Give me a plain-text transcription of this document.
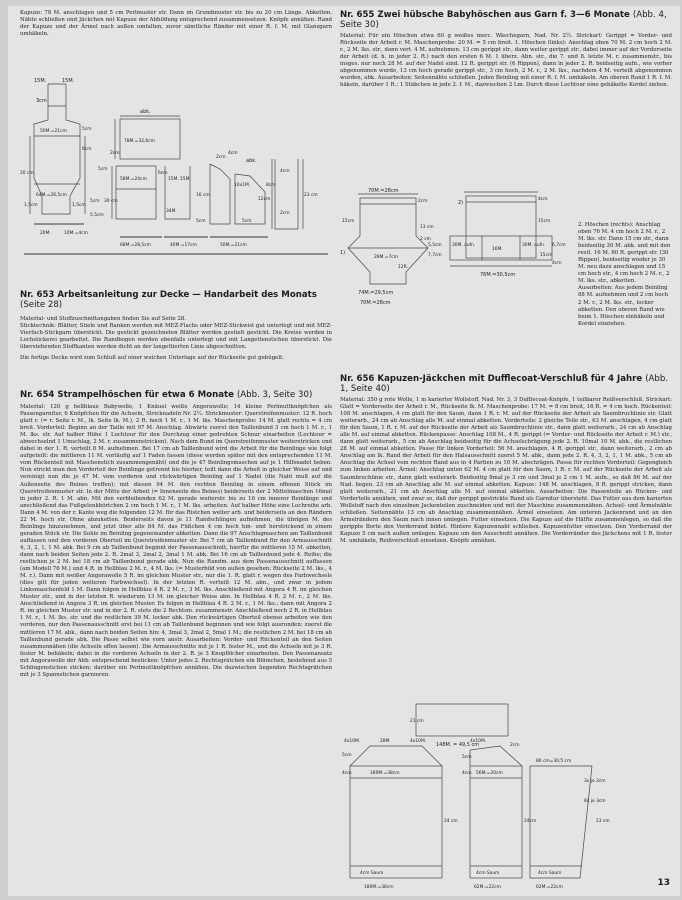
Kapuze: 78 M. anschlagen und 5 cm Perlmuster str. Dann im Grundmuster str. bis zu 20 cm Länge. Abketten. Nähte schließen und Jäckchen mit Kapuze der Abbildung entsprechend zusammensetzen. Knöpfe annähen. Rand der Kapuze und der Ärmel nach außen umfalten, zuvor sämtliche Ränder mit einer R. f. M. mit Glanzgarn umhäkeln.

15M.	15M.
3cm
50M.=21cm	5cm
6cm
abk.
78M.=32,6cm
2cm
5cm
58M.=24cm
6cm
34M.
15M. 15M.
5,5cm
5cm
64M.=26,5cm
20M.	10M.=4cm
20 cm
30 cm
16 cm
2cm
4cm
abk.
10x1M.	8cm
12cm
23 cm
5cm	5cm
68M.=28,5cm	40M.=17cm	50M.=21cm
1,5cm	1,5cm
4cm
2cm

Nr. 653 Arbeitsanleitung zur Decke — Handarbeit des Monats (Seite 28)

Material- und Stoffzuschnittangaben finden Sie auf Seite 28.

Sticktechnik: Blätter, Stiele und Ranken werden mit MEZ-Flachs oder MEZ-Stickwist gut unterlegt und mit MEZ-Vierfach-Stickgarn überstickt. Die gestickt gezeichneten Blätter werden gestielt gestickt. Die Kreise werden in Lochstickerei gearbeitet. Die Randbogen werden ebenfalls unterlegt und mit Langettenstichen überstickt. Die überstehenden Stoffkanten werden dicht an der langettierten Linie abgeschnitten.

Die fertige Decke wird zum Schluß auf einer weichen Unterlage auf der Rückseite gut gebügelt.

Nr. 654 Strampelhöschen für etwa 6 Monate (Abb. 3, Seite 30)

Material: 120 g hellblaue Babywolle, 1 Knäuel weiße Angorawolle; 14 kleine Perlmuttknöpfchen als Passengarnitur, 6 Knöpfchen für die Achseln, Stricknadeln Nr. 2½. Strickmuster: Querstreifenmuster: 12 R. hoch glatt r. (= r. Seite r. M., lk. Seite lk. M.), 2 R. hoch 1 M. r., 1 M. lks. Maschenprobe: 14 M. glatt rechts = 4 cm breit. Vorderteil: Beginn an der Taille mit 97 M. Anschlag. Abwärts zuerst den Taillenbund 3 cm hoch 1 M. r., 1 M. lks. str. Auf halber Höhe 1 Lochtour für den Durchzug einer gedrehten Schnur einarbeiten (Lochtour = abwechselnd 1 Umschlag, 2 M. r. zusammenstricken). Nach dem Bund im Querstreifenmuster weiterstricken und dabei in der 1. R. verteilt 8 M. aufnehmen. Bei 17 cm ab Taillenbund wird die Arbeit für die Beinlinge wie folgt aufgeteilt: die mittleren 11 M. vorläufig auf 1 Faden fassen (diese werden später mit den entsprechenden 11 M. vom Rückenteil mit Maschenstich zusammengenäht) und die je 47 Beinlingsmaschen auf je 1 Hilfsnadel heben. Nun strickt man den Vorderteil der Beinlinge getrennt bis hierher, teilt dann die Arbeit in gleicher Weise auf und vereinigt nun die je 47 M. vom vorderen und rückwärtigen Beinling auf 1 Nadel (die Naht muß auf die Außenseite des Beines treffen); mit diesen 94 M. den rechten Beinling in einem offenen Stück im Querstreifenmuster str. In der Mitte der Arbeit (= Innenseite des Beines) beiderseits der 2 Mittelmaschen 16mal in jeder 2. R. 1 M. abn. Mit den verbleibenden 62 M. gerade weiterstr. bis zu 16 cm innerer Beinlänge und anschließend das Fußgelenkbörtchen 2 cm hoch 1 M. r., 1 M. lks. arbeiten. Auf halber Höhe eine Lochreihe arb. Dann 4 M. von der r. Kante weg die folgenden 12 M. für das Ristchen weiter arb. und beiderseits an den Rändern 22 M. hoch str. Ohne abzuketten. Beiderseits davon je 11 Randschlingen aufnehmen, die übrigen M. des Beinlings hinzunehmen, und jetzt über alle 84 M. das Füßchen 4 cm hoch hin- und herstrickend in einem geraden Stück str. Die Sohle im Beinling gegeneinander abketten. Dann die 97 Anschlagmaschen am Taillenbund auffassen und den vorderen Oberteil im Querstreifenmuster str. Bei 7 cm ab Taillenbund für den Armausschnitt 4, 3, 2, 1, 1 M. abk. Bei 9 cm ab Taillenbund beginnt der Passenausschnitt, hierfür die mittleren 15 M. abketten, dann nach beiden Seiten jede 2. R. 2mal 3, 2mal 2, 3mal 1 M. abk. Bei 16 cm ab Taillenbund jede 4. Reihe; die restlichen je 2 M. bei 18 cm ab Taillenbund gerade abk. Nun die Randm. aus dem Passenausschnitt auffassen (am Modell 76 M.) und 4 R. in Hellblau 2 M. r., 4 M. lks. (= Musterbild von außen gesehen; Rückseite 2 M. lks., 4 M. r.). Dann mit weißer Angorawolle 5 R. im gleichen Muster str., nur die 1. R. glatt r. wegen des Farbwechsels (dies gilt für jeden weiteren Farbwechsel). In der letzten R. verteilt 12 M. abn., und zwar in jedem Linksmaschenfeld 1 M. Dann folgen in Hellblau 4 R. 2 M. r., 3 M. lks. Anschließend mit Angora 4 R. im gleichen Muster str., und in der letzten R. wiederum 13 M. im gleicher Weise abn. In Hellblau 4 R. 2 M. r., 2 M. lks. Anschließend in Angora 3 R. im gleichen Muster. Es folgen in Hellblau 4 R. 2 M. r., 1 M. lks.; dann mit Angora 2 R. im gleichen Muster str. und in der 2. R. stets die 2 Rechtsm. zusammenstr. Anschließend noch 2 R. in Hellblau 1 M. r., 1 M. lks. str. und die restlichen 39 M. locker abk. Den rückwärtigen Oberteil ebenso arbeiten wie den vorderen, nur den Passenausschnitt erst bei 11 cm ab Taillenbund beginnen und wie folgt ausrunden: zuerst die mittleren 17 M. abk., dann nach beiden Seiten hin: 4, 3mal 3, 2mal 2, 5mal 1 M.; die restlichen 2 M. bei 18 cm ab Taillenbund gerade abk. Die Passe selbst wie vorn anstr. Ausarbeiten: Vorder- und Rückenteil an den Seiten zusammennähen (die Achseln offen lassen). Die Armausschnitte mit je 1 R. fester M., und die Achseln mit je 3 R. fester M. behäkeln; dabei in die vorderen Achseln in der 2. R. je 3 Knopflöcher einarbeiten. Den Passenansatz mit Angorawolle der Abb. entsprechend besticken: Unter jedes 2. Rechtsgrätchen ein Blümchen, bestehend aus 5 Schlingenstichen sticken; darüber ein Perlmuttknöpfchen annähen. Die dazwischen liegenden Rechtsgrätchen mit je 3 Spannstichen garnieren.

Nr. 655 Zwei hübsche Babyhöschen aus Garn f. 3—6 Monate (Abb. 4, Seite 30)

Material: Für ein Höschen etwa 60 g weißes merc. Wäschegarn, Nad. Nr. 2½. Strickart: Gerippt = Vorder- und Rückseite der Arbeit r. M. Maschenprobe: 20 M. = 5 cm breit. 1. Höschen (links): Anschlag oben 70 M. 2 cm hoch 2 M. r., 2 M. lks. str., dann vert. 4 M. aufnehmen. 13 cm gerippt str., dann weiter gerippt str., dabei immer auf der Vorderseite der Arbeit (d. h. in jeder 2. R.) nach den ersten 6 M. 1 überz. Abn. str., die 7. und 8. letzte M. r. zusammenstr., bis insges. nur noch 28 M. auf der Nadel sind. 12 R. gerippt str. (6 Rippen), dann in jeder 2. R. beidseitig aufn., wie vorher abgenommen wurde, 13 cm hoch gerade gerippt str., 3 cm hoch, 2 M. r., 2 M. lks., nachdem 4 M. verteilt abgenommen wurden, abk. Ausarbeiten: Seitennähte schließen. Jeden Beinling mit einer R. f. M. umhäkeln. Am oberen Rand 1 R. f. M. häkeln, darüber 1 R.: 1 Stäbchen in jede 2. f. M., dazwischen 2 Lm. Durch diese Lochtour eine gehäkelte Kordel ziehen.

70M.=28cm
15cm
2cm
1)
13 cm
2 cm
5,5cm
7,7cm
28M.=7cm
12R.
74M.=29,5cm
70M.=28cm
2)
4cm
15cm
30M. aufn.
16M.
30M. aufn. 6,7cm
15cm
4cm
76M.=30,5cm

2. Höschen (rechts): Anschlag oben 76 M. 4 cm hoch 2 M. r., 2 M. lks. str. Dann 15 cm str., dann beidseitig 30 M. abk. und mit den restl. 16 M. 60 R. gerippt str. (30 Rippen), beidseitig wieder je 30 M. neu dazu anschlagen und 15 cm hoch str., 4 cm hoch 2 M. r., 2 M. lks. str., abketten. Ausarbeiten: Aus jedem Beinling 88 M. aufnehmen und 2 cm hoch 2 M. r., 2 M. lks. str., locker abketten. Den oberen Rand wie beim 1. Höschen einhäkeln und Kordel einziehen.

Nr. 656 Kapuzen-Jäckchen mit Dufflecoat-Verschluß für 4 Jahre (Abb. 1, Seite 40)

Material: 350 g rote Wolle, 1 m karierter Wollstoff, Nad. Nr. 3, 3 Dufflecoat-Knöpfe, 1 teilbarer Reißverschluß. Strickart: Glatt = Vorderseite der Arbeit r. M., Rückseite lk. M. Maschenprobe: 17 M. = 8 cm breit, 16 R. = 4 cm hoch. Rückenteil: 108 M. anschlagen, 4 cm glatt für den Saum, dann 1 R. r. M. auf der Rückseite der Arbeit als Saumbruchlinie str. Glatt weiterarb., 24 cm ab Anschlag alle M. auf einmal abketten. Vorderteile: 2 gleiche Teile str., 63 M. anschlagen, 4 cm glatt für den Saum, 1 R. r. M. auf der Rückseite der Arbeit als Saumbruchlinie str., dann glatt weiterarb., 24 cm ab Anschlag alle M. auf einmal abketten. Rückenpasse: Anschlag 108 M., 4 R. gerippt (= Vorder- und Rückseite der Arbeit r. M.) str., dann glatt weiterarb., 5 cm ab Anschlag beidseitig für die Achselschrägung jede 2. R. 10mal 10 M. abk., die restlichen 28 M. auf einmal abketten. Passe für linken Vorderteil: 56 M. anschlagen, 4 R. gerippt str., dann weiterarb., 2 cm ab Anschlag am lk. Rand der Arbeit für den Halsausschnitt zuerst 5 M. abk., dann jede 2. R. 4, 3, 2, 1, 1 M. abk., 5 cm ab Anschlag die Achsel vom rechten Rand aus in 4 Partien zu 10 M. abschrägen. Passe für rechten Vorderteil: Gegengleich zum linken arbeiten. Ärmel: Anschlag unten 62 M. 4 cm glatt für den Saum, 1 R. r. M. auf der Rückseite der Arbeit als Saumbruchlinie str., dann glatt weiterarb. Beidseitig 8mal je 3 cm und 3mal je 2 cm 1 M. aufn., so daß 86 M. auf der Nad. liegen. 23 cm ab Anschlag alle M. auf einmal abketten. Kapuze: 148 M. anschlagen, 8 R. gerippt stricken, dann glatt weiterarb., 21 cm ab Anschlag alle M. auf einmal abketten. Ausarbeiten: Die Passenteile an Rücken- und Vorderteile annähen, und zwar so, daß der gerippt gestrickte Rand als Garnitur übersteht. Das Futter aus dem karierten Wollstoff nach den einzelnen Jackenteilen zuschneiden und mit der Maschine zusammennähen. Achsel- und Ärmelnähte schließen. Seitennähte 13 cm ab Anschlag zusammennähen. Ärmel einsetzen. Am unteren Jackenrand und an den Ärmelrändern den Saum nach innen umlegen. Futter einsetzen. Die Kapuze auf die Hälfte zusammenlegen, so daß die gerippte Borte den Vorderrand bildet. Hintere Kapuzennaht schließen. Kapuzenfutter einsetzen. Den Vorderrand der Kapuze 5 cm nach außen umlegen. Kapuze um den Ausschnitt annähen. Die Vorderränder des Jäckchens mit 1 R. fester M. umhäkeln, Reißverschluß einsetzen. Knöpfe annähen.

21 cm
148M. = 49,5 cm
4x10M.	28M.	4x10M.
5cm
4cm	180M.=38cm
4x10M.
2cm
56M.=20cm
5cm
4cm
24 cm
4cm Saum
180M.=38cm
24cm
4cm Saum
62M.=22cm
23 cm
86 cm=30,5 cm
3x je 2cm
8x je 3cm
4cm Saum
62M.=22cm	13
